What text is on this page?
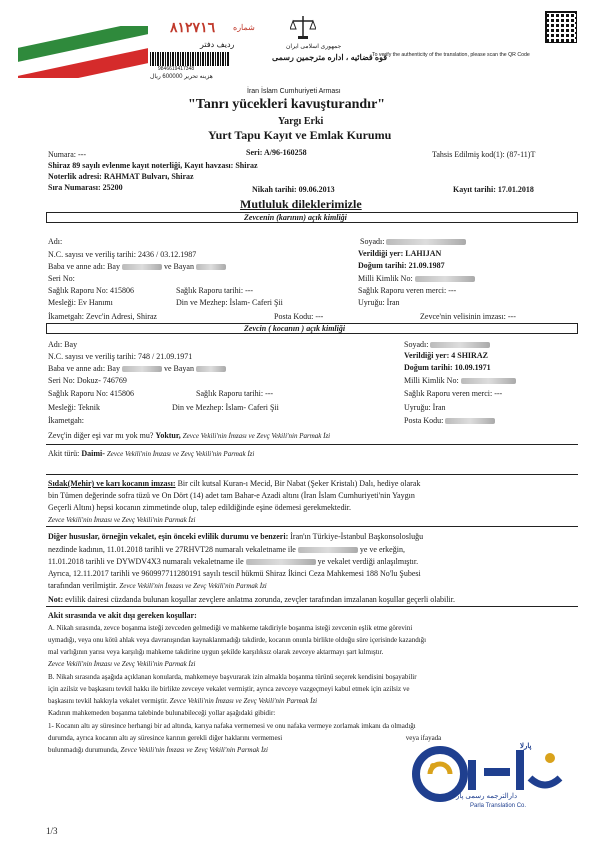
٨١٢٧١٦ شماره
ردیف دفتر
9846619417348
هزینه تحریر 600000 ریال
جمهوری اسلامی ایران
قوه قضائیه ، اداره مترجمین رسمی
To verify the authenticity of the translation, please scan the QR Code
İran İslam Cumhuriyeti Arması
"Tanrı yüceklerі kavuşturandır"
Yargı Erki
Yurt Tapu Kayıt ve Emlak Kurumu
Numara: ---	Seri: A/96-160258	Tahsis Edilmiş kod(1): (87-11)T
Shiraz 89 sayılı evlenme kayıt noterliği, Kayıt havzası: Shiraz
Noterlik adresi: RAHMAT Bulvarı, Shiraz
Sıra Numarası: 25200	Nikah tarihi: 09.06.2013	Kayıt tarihi: 17.01.2018
Mutluluk dileklerimizle
Zevcenin (karının) açık kimliği
Adı:	Soyadı:
N.C. sayısı ve veriliş tarihi: 2436 / 03.12.1987	Verildiği yer: LAHIJAN
Baba ve anne adı: Bay	ve Bayan	Doğum tarihi: 21.09.1987
Seri No:	Milli Kimlik No:
Sağlık Raporu No: 415806	Sağlık Raporu tarihi: ---	Sağlık Raporu veren merci: ---
Mesleği: Ev Hanımı	Din ve Mezhep: İslam- Caferi Şii	Uyruğu: İran
İkametgah: Zevc'in Adresi, Shiraz	Posta Kodu: ---	Zevce'nin velisinin imzası: ---
Zevcin ( kocanın ) açık kimliği
Adı: Bay	Soyadı:
N.C. sayısı ve veriliş tarihi: 748 / 21.09.1971	Verildiği yer: 4 SHIRAZ
Baba ve anne adı: Bay	ve Bayan	Doğum tarihi: 10.09.1971
Seri No: Dokuz- 746769	Milli Kimlik No:
Sağlık Raporu No: 415806	Sağlık Raporu tarihi: ---	Sağlık Raporu veren merci: ---
Mesleği: Teknik	Din ve Mezhep: İslam- Caferi Şii	Uyruğu: İran
İkametgah:	Posta Kodu:
Zevç'in diğer eşi var mı yok mu? Yoktur, Zevce Vekili'nin İmzası ve Zevç Vekili'nin Parmak İzi
Akit türü: Daimi- Zevce Vekili'nin İmzası ve Zevç Vekili'nin Parmak İzi
Sıdak(Mehir) ve karı kocanın imzası: Bir cilt kutsal Kuran-ı Mecid, Bir Nabat (Şeker Kristalı) Dalı, hediye olarak
bin Tümen değerinde sofra tüzü ve On Dört (14) adet tam Bahar-e Azadi altını (İran İslam Cumhuriyeti'nin Yaygın
Geçerli Altını) hepsi kocanın zimmetinde olup, talep edildiğinde eşine ödemesi gerekmektedir.
Zevce Vekili'nin İmzası ve Zevç Vekili'nin Parmak İzi
Diğer hususlar, örneğin vekalet, eşin önceki evlilik durumu ve benzeri: İran'ın Türkiye-İstanbul Başkonsolosluğu
nezdinde kadının, 11.01.2018 tarihli ve 27RHVT28 numaralı vekaletname ile	ye ve erkeğin,
11.01.2018 tarihli ve DYWDV4X3 numaralı vekaletname ile	ye vekalet verdiği anlaşılmıştır.
Ayrıca, 12.11.2017 tarihli ve 960997711280191 sayılı tescil hükmü Shiraz İkinci Ceza Mahkemesi 188 No'lu Şubesi
tarafından verilmiştir. Zevce Vekili'nin İmzası ve Zevç Vekili'nin Parmak İzi
Not: evlilik dairesi cüzdanda bulunan koşullar zevçlere anlatma zorunda, zevçler tarafından imzalanan koşullar geçerli olabilir.
Akit sırasında ve akit dışı gereken koşullar:
A. Nikah sırasında, zevce boşanma isteği zevceden gelmediği ve mahkeme takdiriyle boşanma isteği zevcenin eşlik etme görevini
uymadığı, veya onu kötü ahlak veya davranışından kaynaklanmadığı takdirde, kocanın onunla birlikte olduğu süre içerisinde kazandığı
mal varlığının yarısı veya karşılığı mahkeme takdirine uygun şekilde karşılıksız olarak zevceye aktarmayı şart kılmıştır.
Zevce Vekili'nin İmzası ve Zevç Vekili'nin Parmak İzi
B. Nikah sırasında aşağıda açıklanan konularda, mahkemeye başvurarak izin almakla boşanma türünü seçerek kendisini boşayabilir
için azilsiz ve başkasını tevkil hakkı ile birlikte zevceye vekalet vermiştir, ayrıca zevceye vazgeçmeyi kabul etmek için azilsiz ve
başkasını tevkil hakkıyla vekalet vermiştir. Zevce Vekili'nin İmzası ve Zevç Vekili'nin Parmak İzi
Kadının mahkemeden boşanma talebinde bulunabileceği yollar aşağıdaki gibidir:
1- Kocanın altı ay süresince herhangi bir ad altında, karıya nafaka vermemesi ve onu nafaka vermeye zorlamak imkanı da olmadığı
durumda, ayrıca kocanın altı ay süresince karının gerekli diğer haklarını vermemesi	veya ifayada
bulunmadığı durumunda, Zevce Vekili'nin İmzası ve Zevç Vekili'nin Parmak İzi	پارلا
دارالترجمه رسمی پارلا
Parla Translation Co.
1/3
